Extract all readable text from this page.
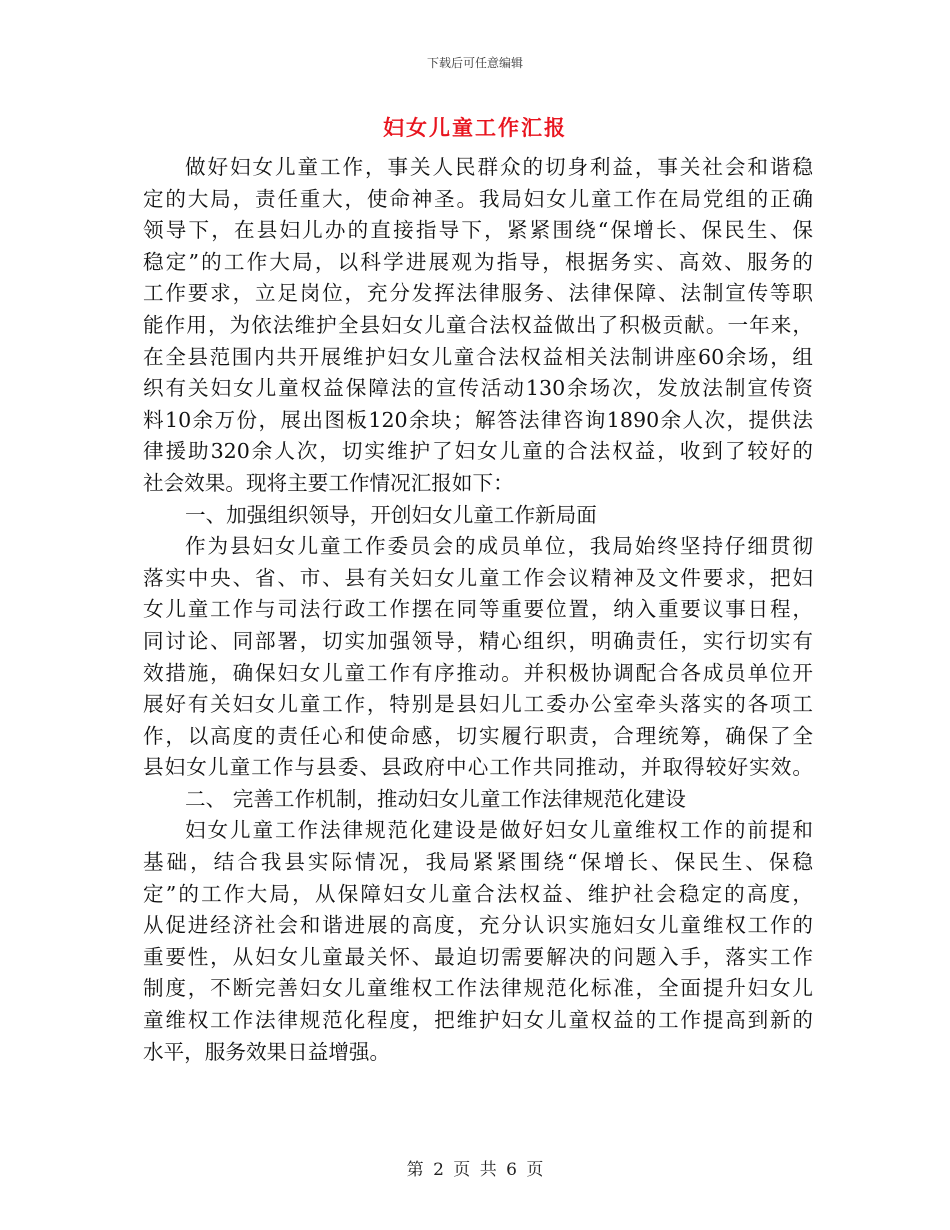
下载后可任意编辑
妇女儿童工作汇报
做好妇女儿童工作，事关人民群众的切身利益，事关社会和谐稳
定的大局，责任重大，使命神圣。我局妇女儿童工作在局党组的正确
领导下，在县妇儿办的直接指导下，紧紧围绕“保增长、保民生、保
稳定”的工作大局，以科学进展观为指导，根据务实、高效、服务的
工作要求，立足岗位，充分发挥法律服务、法律保障、法制宣传等职
能作用，为依法维护全县妇女儿童合法权益做出了积极贡献。一年来，
在全县范围内共开展维护妇女儿童合法权益相关法制讲座60余场，组
织有关妇女儿童权益保障法的宣传活动130余场次，发放法制宣传资
料10余万份，展出图板120余块；解答法律咨询1890余人次，提供法
律援助320余人次，切实维护了妇女儿童的合法权益，收到了较好的
社会效果。现将主要工作情况汇报如下：
一、加强组织领导，开创妇女儿童工作新局面
作为县妇女儿童工作委员会的成员单位，我局始终坚持仔细贯彻
落实中央、省、市、县有关妇女儿童工作会议精神及文件要求，把妇
女儿童工作与司法行政工作摆在同等重要位置，纳入重要议事日程，
同讨论、同部署，切实加强领导，精心组织，明确责任，实行切实有
效措施，确保妇女儿童工作有序推动。并积极协调配合各成员单位开
展好有关妇女儿童工作，特别是县妇儿工委办公室牵头落实的各项工
作，以高度的责任心和使命感，切实履行职责，合理统筹，确保了全
县妇女儿童工作与县委、县政府中心工作共同推动，并取得较好实效。
二、 完善工作机制，推动妇女儿童工作法律规范化建设
妇女儿童工作法律规范化建设是做好妇女儿童维权工作的前提和
基础，结合我县实际情况，我局紧紧围绕“保增长、保民生、保稳
定”的工作大局，从保障妇女儿童合法权益、维护社会稳定的高度，
从促进经济社会和谐进展的高度，充分认识实施妇女儿童维权工作的
重要性，从妇女儿童最关怀、最迫切需要解决的问题入手，落实工作
制度，不断完善妇女儿童维权工作法律规范化标准，全面提升妇女儿
童维权工作法律规范化程度，把维护妇女儿童权益的工作提高到新的
水平，服务效果日益增强。
第 2 页 共 6 页
